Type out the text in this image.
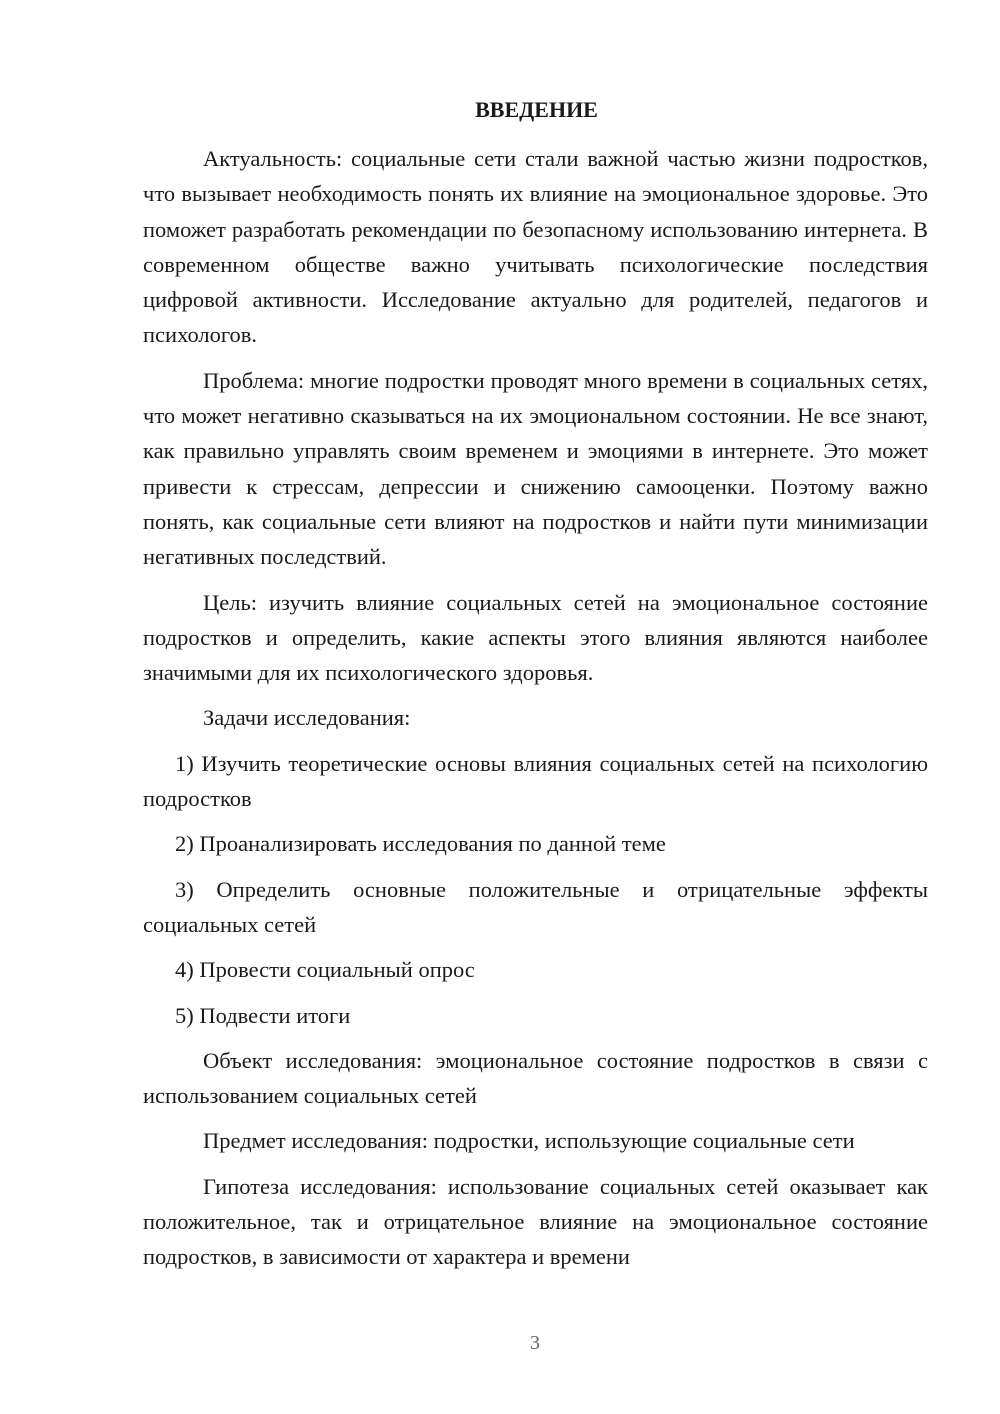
ВВЕДЕНИЕ

Актуальность: социальные сети стали важной частью жизни подростков, что вызывает необходимость понять их влияние на эмоциональное здоровье. Это поможет разработать рекомендации по безопасному использованию интернета. В современном обществе важно учитывать психологические последствия цифровой активности. Исследование актуально для родителей, педагогов и психологов.

Проблема: многие подростки проводят много времени в социальных сетях, что может негативно сказываться на их эмоциональном состоянии. Не все знают, как правильно управлять своим временем и эмоциями в интернете. Это может привести к стрессам, депрессии и снижению самооценки. Поэтому важно понять, как социальные сети влияют на подростков и найти пути минимизации негативных последствий.

Цель: изучить влияние социальных сетей на эмоциональное состояние подростков и определить, какие аспекты этого влияния являются наиболее значимыми для их психологического здоровья.

Задачи исследования:

1) Изучить теоретические основы влияния социальных сетей на психологию подростков

2) Проанализировать исследования по данной теме

3) Определить основные положительные и отрицательные эффекты социальных сетей

4) Провести социальный опрос

5) Подвести итоги

Объект исследования: эмоциональное состояние подростков в связи с использованием социальных сетей

Предмет исследования: подростки, использующие социальные сети

Гипотеза исследования: использование социальных сетей оказывает как положительное, так и отрицательное влияние на эмоциональное состояние подростков, в зависимости от характера и времени

3
